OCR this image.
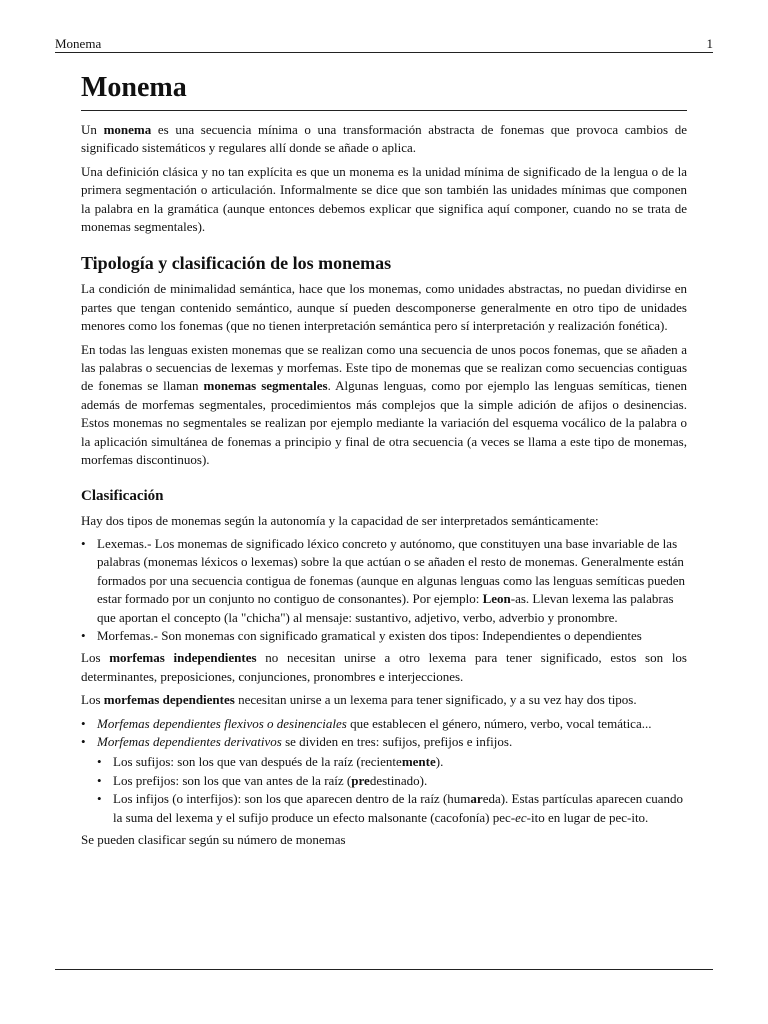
Monema	1
Monema

Un monema es una secuencia mínima o una transformación abstracta de fonemas que provoca cambios de significado sistemáticos y regulares allí donde se añade o aplica.

Una definición clásica y no tan explícita es que un monema es la unidad mínima de significado de la lengua o de la primera segmentación o articulación. Informalmente se dice que son también las unidades mínimas que componen la palabra en la gramática (aunque entonces debemos explicar que significa aquí componer, cuando no se trata de monemas segmentales).

Tipología y clasificación de los monemas

La condición de minimalidad semántica, hace que los monemas, como unidades abstractas, no puedan dividirse en partes que tengan contenido semántico, aunque sí pueden descomponerse generalmente en otro tipo de unidades menores como los fonemas (que no tienen interpretación semántica pero sí interpretación y realización fonética).

En todas las lenguas existen monemas que se realizan como una secuencia de unos pocos fonemas, que se añaden a las palabras o secuencias de lexemas y morfemas. Este tipo de monemas que se realizan como secuencias contiguas de fonemas se llaman monemas segmentales. Algunas lenguas, como por ejemplo las lenguas semíticas, tienen además de morfemas segmentales, procedimientos más complejos que la simple adición de afijos o desinencias. Estos monemas no segmentales se realizan por ejemplo mediante la variación del esquema vocálico de la palabra o la aplicación simultánea de fonemas a principio y final de otra secuencia (a veces se llama a este tipo de monemas, morfemas discontinuos).

Clasificación

Hay dos tipos de monemas según la autonomía y la capacidad de ser interpretados semánticamente:

• Lexemas.- Los monemas de significado léxico concreto y autónomo, que constituyen una base invariable de las palabras (monemas léxicos o lexemas) sobre la que actúan o se añaden el resto de monemas. Generalmente están formados por una secuencia contigua de fonemas (aunque en algunas lenguas como las lenguas semíticas pueden estar formado por un conjunto no contiguo de consonantes). Por ejemplo: Leon-as. Llevan lexema las palabras que aportan el concepto (la "chicha") al mensaje: sustantivo, adjetivo, verbo, adverbio y pronombre.
• Morfemas.- Son monemas con significado gramatical y existen dos tipos: Independientes o dependientes

Los morfemas independientes no necesitan unirse a otro lexema para tener significado, estos son los determinantes, preposiciones, conjunciones, pronombres e interjecciones.

Los morfemas dependientes necesitan unirse a un lexema para tener significado, y a su vez hay dos tipos.

• Morfemas dependientes flexivos o desinenciales que establecen el género, número, verbo, vocal temática...
• Morfemas dependientes derivativos se dividen en tres: sufijos, prefijos e infijos.
• Los sufijos: son los que van después de la raíz (recientemente).
• Los prefijos: son los que van antes de la raíz (predestinado).
• Los infijos (o interfijos): son los que aparecen dentro de la raíz (humareda). Estas partículas aparecen cuando la suma del lexema y el sufijo produce un efecto malsonante (cacofonía) pec-ec-ito en lugar de pec-ito.

Se pueden clasificar según su número de monemas
